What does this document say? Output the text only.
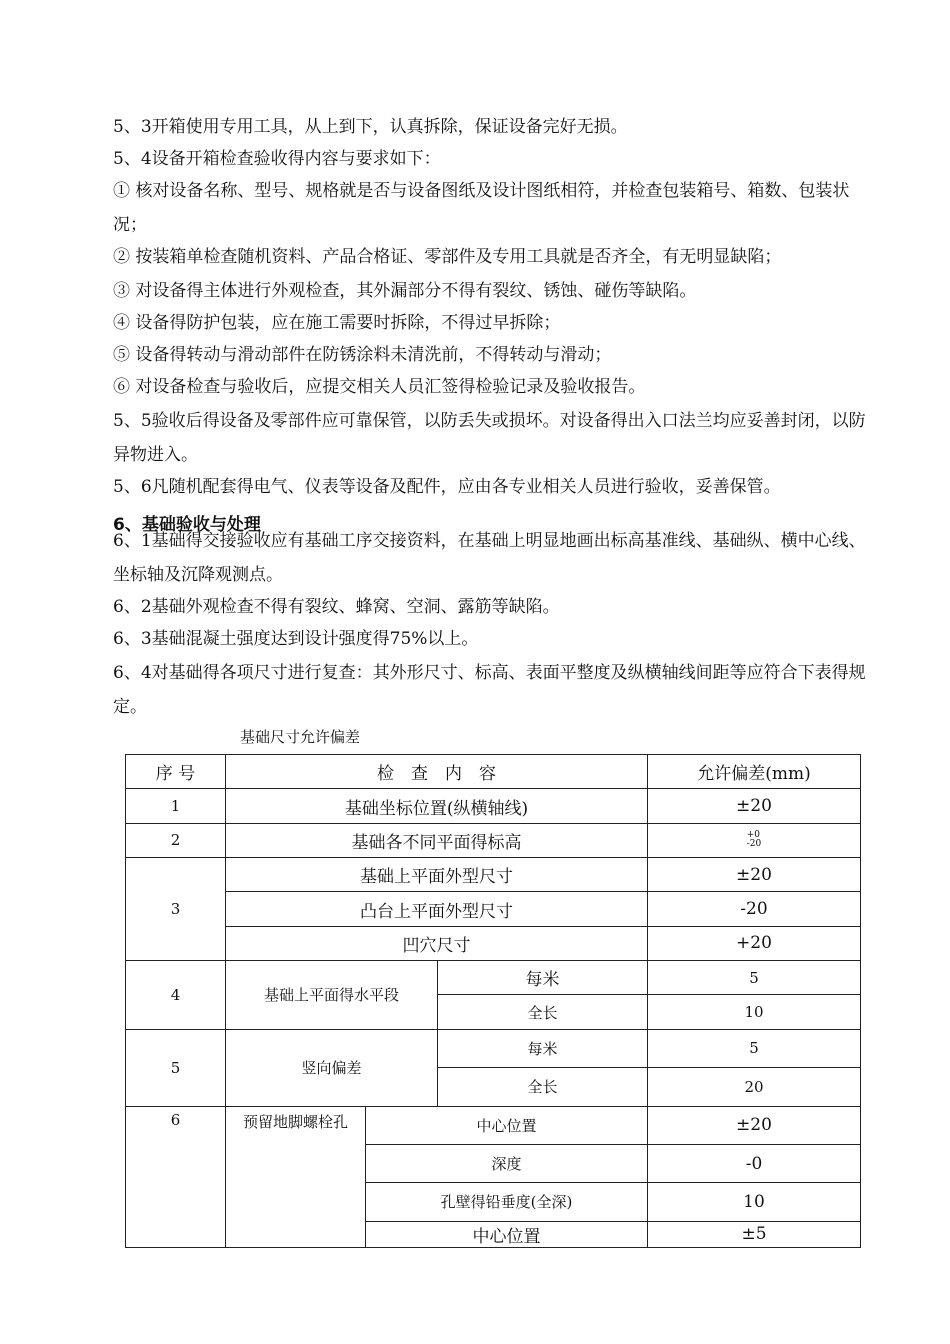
5、3开箱使用专用工具，从上到下，认真拆除，保证设备完好无损。

5、4设备开箱检查验收得内容与要求如下：

① 核对设备名称、型号、规格就是否与设备图纸及设计图纸相符，并检查包装箱号、箱数、包装状况；

② 按装箱单检查随机资料、产品合格证、零部件及专用工具就是否齐全，有无明显缺陷；

③ 对设备得主体进行外观检查，其外漏部分不得有裂纹、锈蚀、碰伤等缺陷。

④ 设备得防护包装，应在施工需要时拆除，不得过早拆除；

⑤ 设备得转动与滑动部件在防锈涂料未清洗前，不得转动与滑动；

⑥ 对设备检查与验收后，应提交相关人员汇签得检验记录及验收报告。

5、5验收后得设备及零部件应可靠保管，以防丢失或损坏。对设备得出入口法兰均应妥善封闭，以防异物进入。

5、6凡随机配套得电气、仪表等设备及配件，应由各专业相关人员进行验收，妥善保管。

6、基础验收与处理

6、1基础得交接验收应有基础工序交接资料，在基础上明显地画出标高基准线、基础纵、横中心线、坐标轴及沉降观测点。

6、2基础外观检查不得有裂纹、蜂窝、空洞、露筋等缺陷。

6、3基础混凝土强度达到设计强度得75%以上。

6、4对基础得各项尺寸进行复查：其外形尺寸、标高、表面平整度及纵横轴线间距等应符合下表得规定。

基础尺寸允许偏差
序 号	检　查　内　容			允许偏差(mm)
1	基础坐标位置(纵横轴线)			±20
2	基础各不同平面得标高			+0
-20
3	基础上平面外型尺寸			±20
	凸台上平面外型尺寸			-20
	凹穴尺寸			+20
4	基础上平面得水平段		每米	5
			全长	10
5	竖向偏差		每米	5
			全长	20
6	预留地脚螺栓孔	中心位置		±20
		深度		-0
		孔壁得铅垂度(全深)		10
		中心位置		±5
